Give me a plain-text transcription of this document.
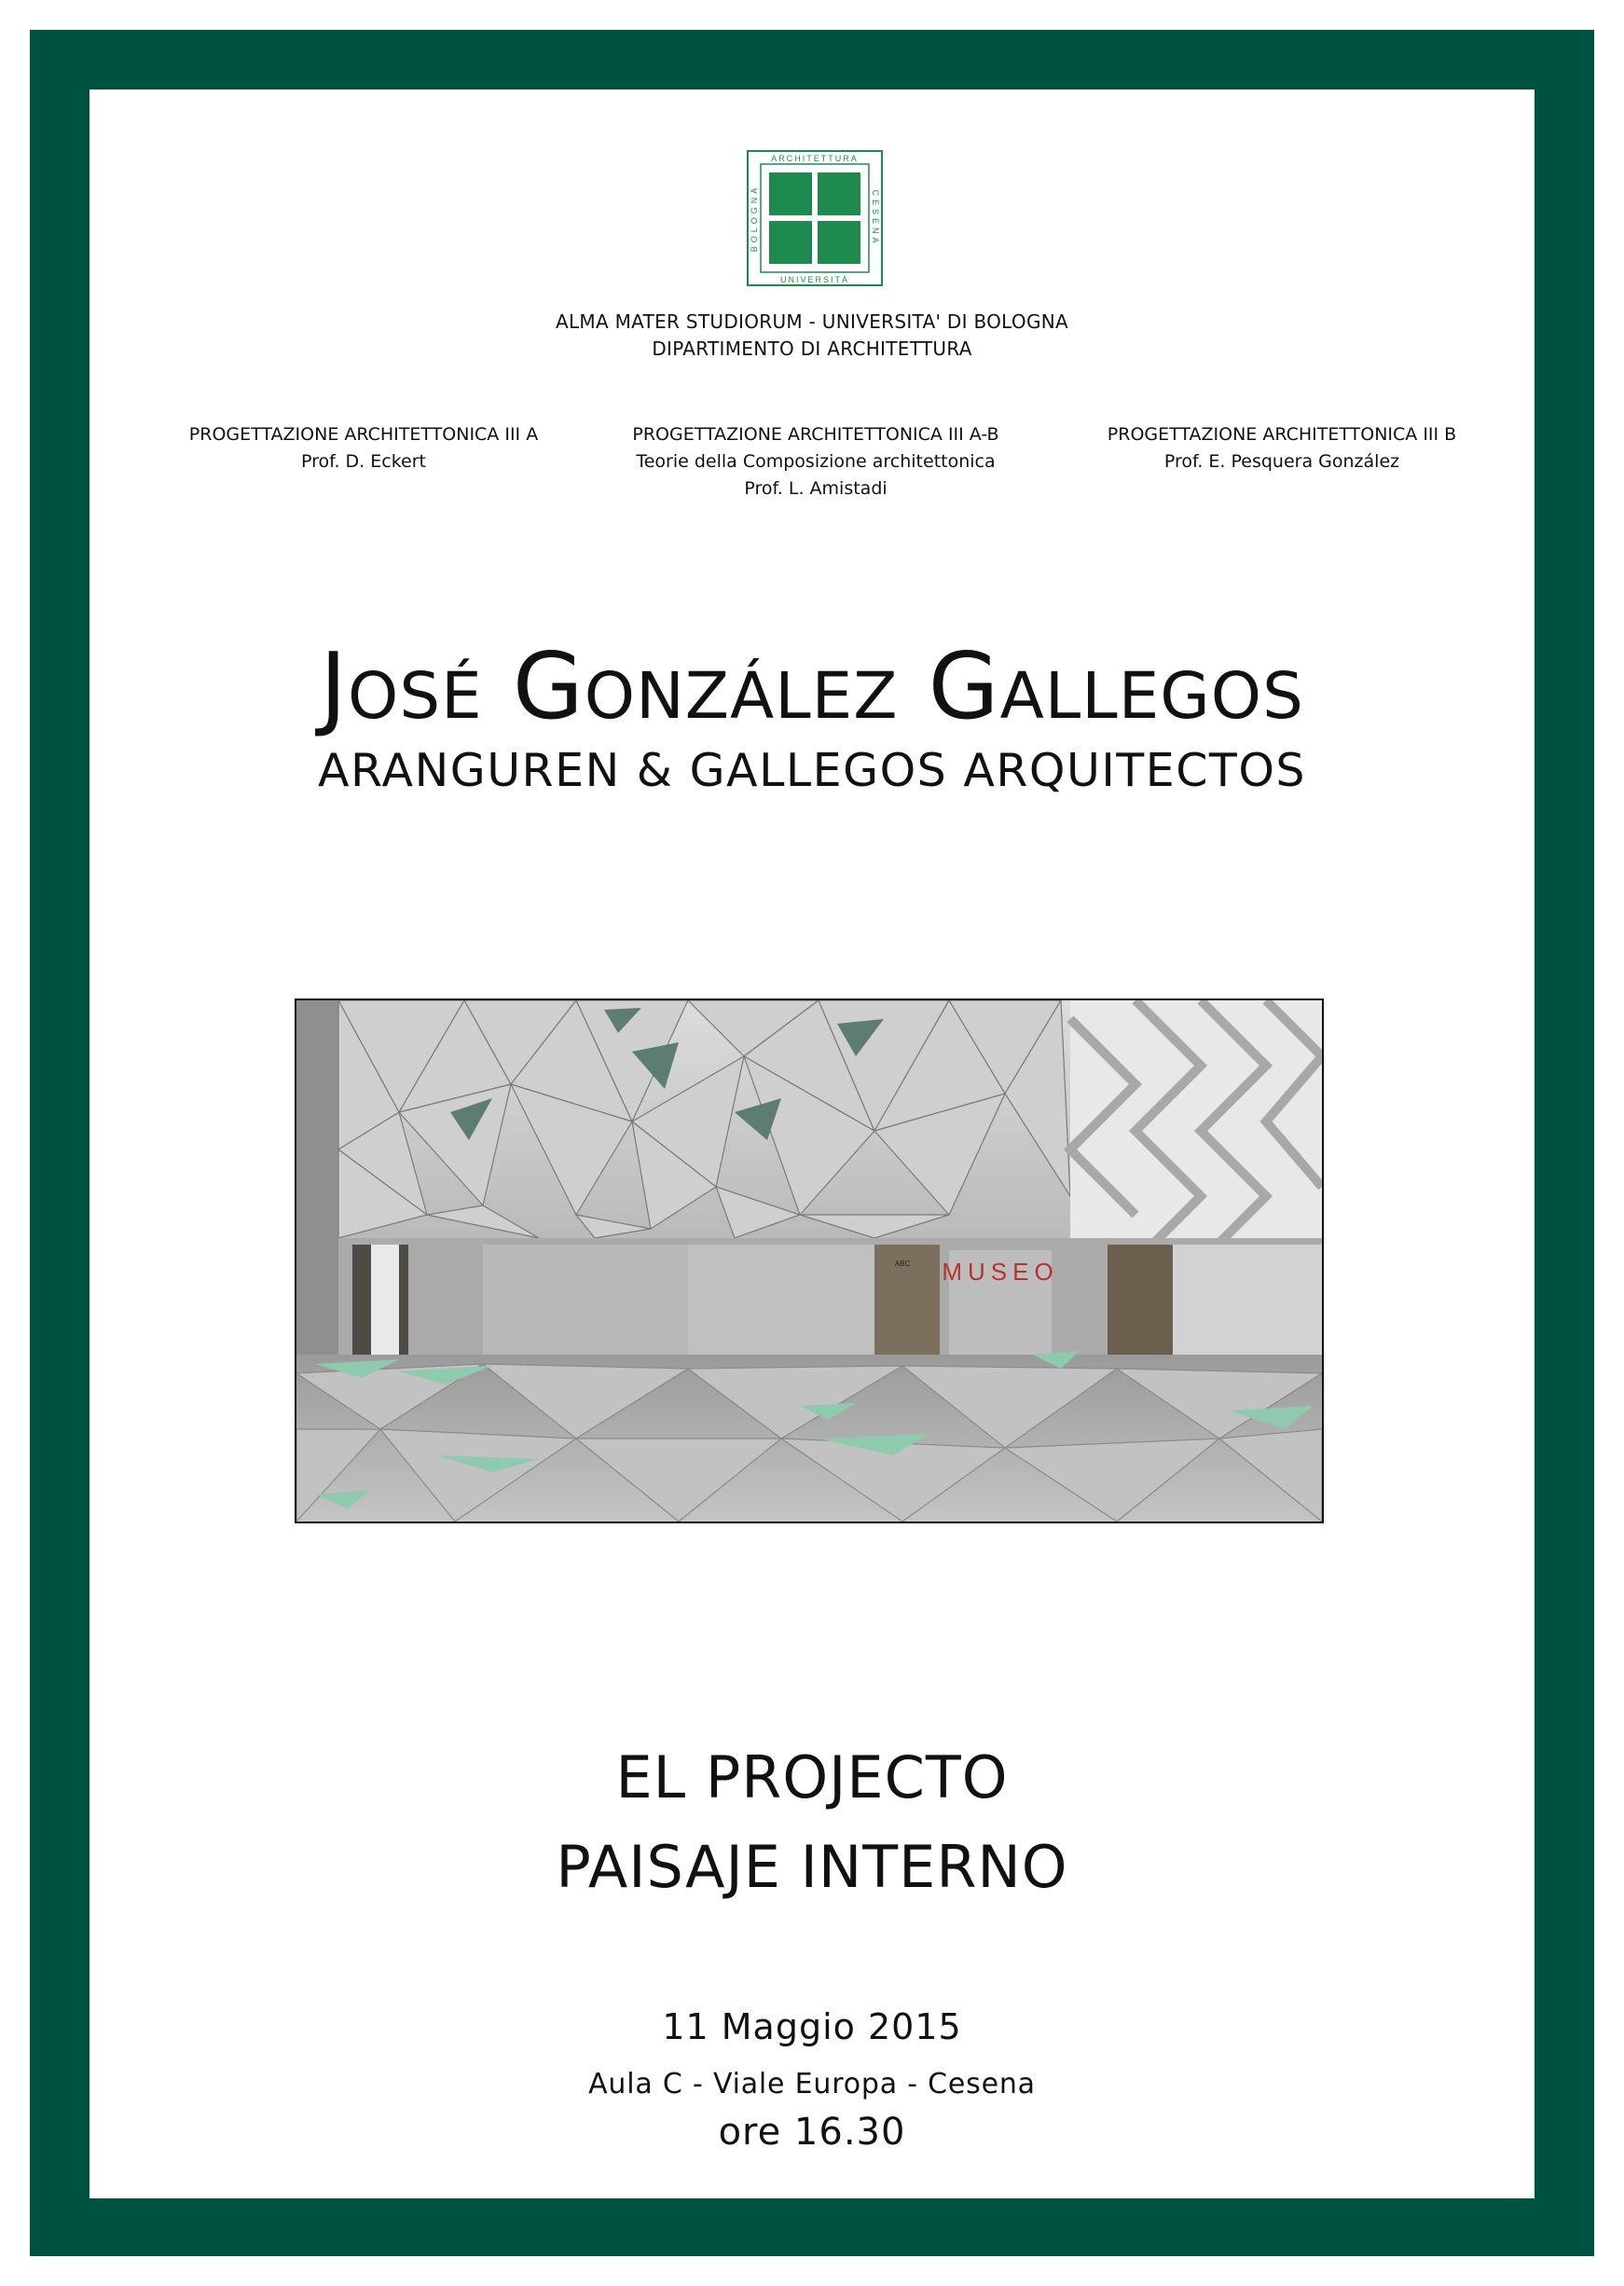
ARCHITETTURA
UNIVERSITÀ
BOLOGNA	CESENA
ALMA MATER STUDIORUM - UNIVERSITA' DI BOLOGNA
DIPARTIMENTO DI ARCHITETTURA
PROGETTAZIONE ARCHITETTONICA III A
Prof. D. Eckert
PROGETTAZIONE ARCHITETTONICA III A-B
Teorie della Composizione architettonica
Prof. L. Amistadi
PROGETTAZIONE ARCHITETTONICA III B
Prof. E. Pesquera González
José González Gallegos
ARANGUREN & GALLEGOS ARQUITECTOS
MUSEO
ABC
EL PROJECTO
PAISAJE INTERNO
11 Maggio 2015
Aula C - Viale Europa - Cesena
ore 16.30
